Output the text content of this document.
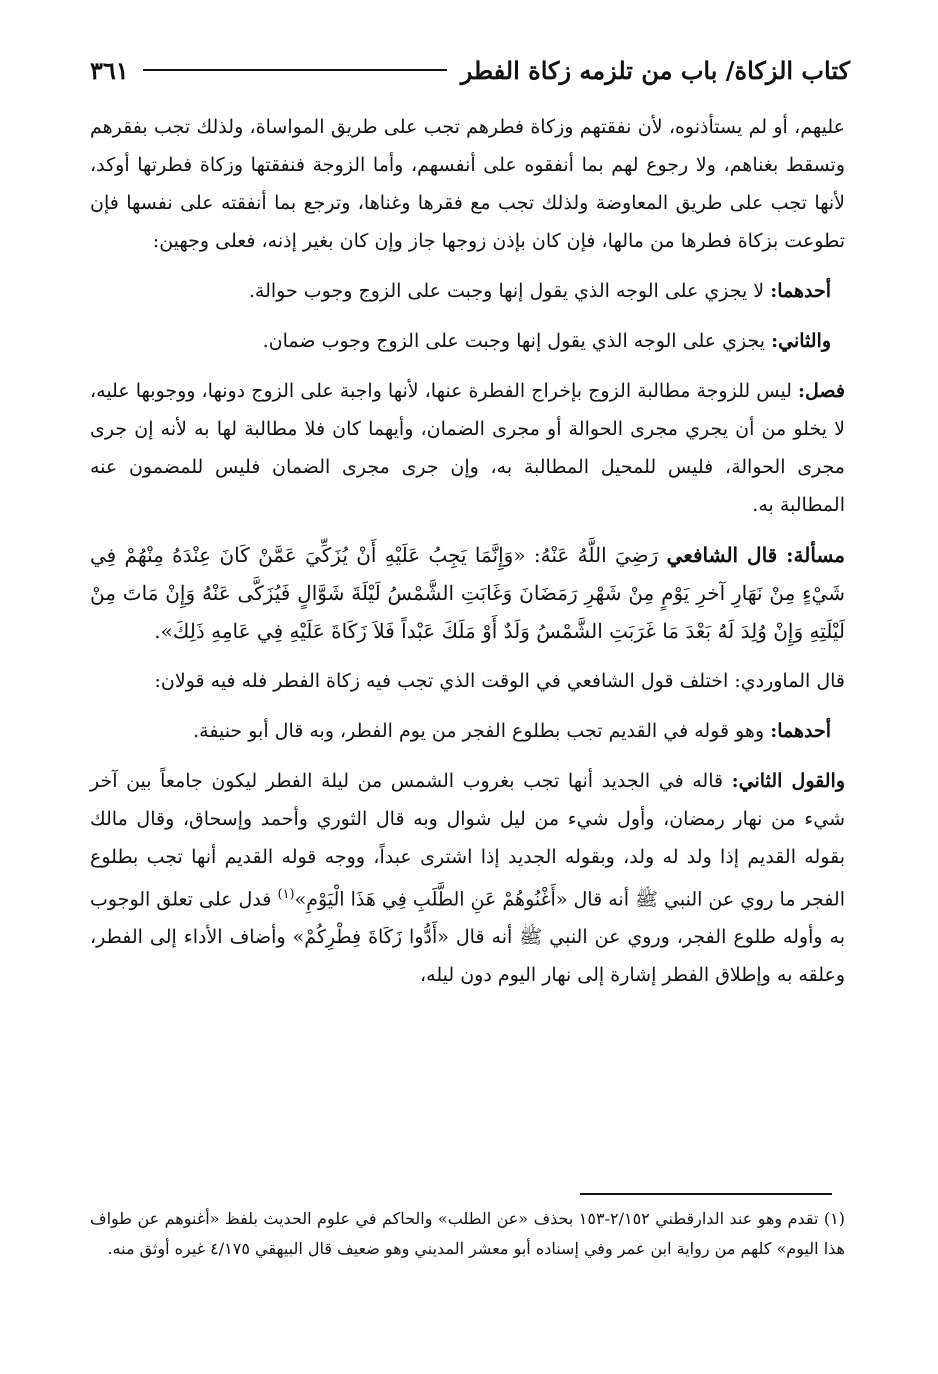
كتاب الزكاة/ باب من تلزمه زكاة الفطر
٣٦١

عليهم، أو لم يستأذنوه، لأن نفقتهم وزكاة فطرهم تجب على طريق المواساة، ولذلك تجب بفقرهم وتسقط بغناهم، ولا رجوع لهم بما أنفقوه على أنفسهم، وأما الزوجة فنفقتها وزكاة فطرتها أوكد، لأنها تجب على طريق المعاوضة ولذلك تجب مع فقرها وغناها، وترجع بما أنفقته على نفسها فإن تطوعت بزكاة فطرها من مالها، فإن كان بإذن زوجها جاز وإن كان بغير إذنه، فعلى وجهين:

أحدهما: لا يجزي على الوجه الذي يقول إنها وجبت على الزوج وجوب حوالة.

والثاني: يجزي على الوجه الذي يقول إنها وجبت على الزوج وجوب ضمان.

فصل: ليس للزوجة مطالبة الزوج بإخراج الفطرة عنها، لأنها واجبة على الزوج دونها، ووجوبها عليه، لا يخلو من أن يجري مجرى الحوالة أو مجرى الضمان، وأيهما كان فلا مطالبة لها به لأنه إن جرى مجرى الحوالة، فليس للمحيل المطالبة به، وإن جرى مجرى الضمان فليس للمضمون عنه المطالبة به.

مسألة: قال الشافعي رَضِيَ اللَّهُ عَنْهُ: «وَإِنَّمَا يَجِبُ عَلَيْهِ أَنْ يُزَكِّيَ عَمَّنْ كَانَ عِنْدَهُ مِنْهُمْ فِي شَيْءٍ مِنْ نَهَارِ آخرِ يَوْمٍ مِنْ شَهْرِ رَمَضَانَ وَغَابَتِ الشَّمْسُ لَيْلَةَ شَوَّالٍ فَيُزَكَّى عَنْهُ وَإِنْ مَاتَ مِنْ لَيْلَتِهِ وَإِنْ وُلِدَ لَهُ بَعْدَ مَا غَرَبَتِ الشَّمْسُ وَلَدٌ أَوْ مَلَكَ عَبْداً فَلاَ زَكَاةَ عَلَيْهِ فِي عَامِهِ ذَلِكَ».

قال الماوردي: اختلف قول الشافعي في الوقت الذي تجب فيه زكاة الفطر فله فيه قولان:

أحدهما: وهو قوله في القديم تجب بطلوع الفجر من يوم الفطر، وبه قال أبو حنيفة.

والقول الثاني: قاله في الجديد أنها تجب بغروب الشمس من ليلة الفطر ليكون جامعاً بين آخر شيء من نهار رمضان، وأول شيء من ليل شوال وبه قال الثوري وأحمد وإسحاق، وقال مالك بقوله القديم إذا ولد له ولد، وبقوله الجديد إذا اشترى عبداً، ووجه قوله القديم أنها تجب بطلوع الفجر ما روي عن النبي ﷺ أنه قال «أَغْنُوهُمْ عَنِ الطَّلَبِ فِي هَذَا الْيَوْمِ»$^{(١)}$ فدل على تعلق الوجوب به وأوله طلوع الفجر، وروي عن النبي ﷺ أنه قال «أَدُّوا زَكَاةَ فِطْرِكُمْ» وأضاف الأداء إلى الفطر، وعلقه به وإطلاق الفطر إشارة إلى نهار اليوم دون ليله،

(١) تقدم وهو عند الدارقطني ٢/١٥٢-١٥٣ بحذف «عن الطلب» والحاكم في علوم الحديث بلفظ «أغنوهم عن طواف هذا اليوم» كلهم من رواية ابن عمر وفي إسناده أبو معشر المديني وهو ضعيف قال البيهقي ٤/١٧٥ غيره أوثق منه.
